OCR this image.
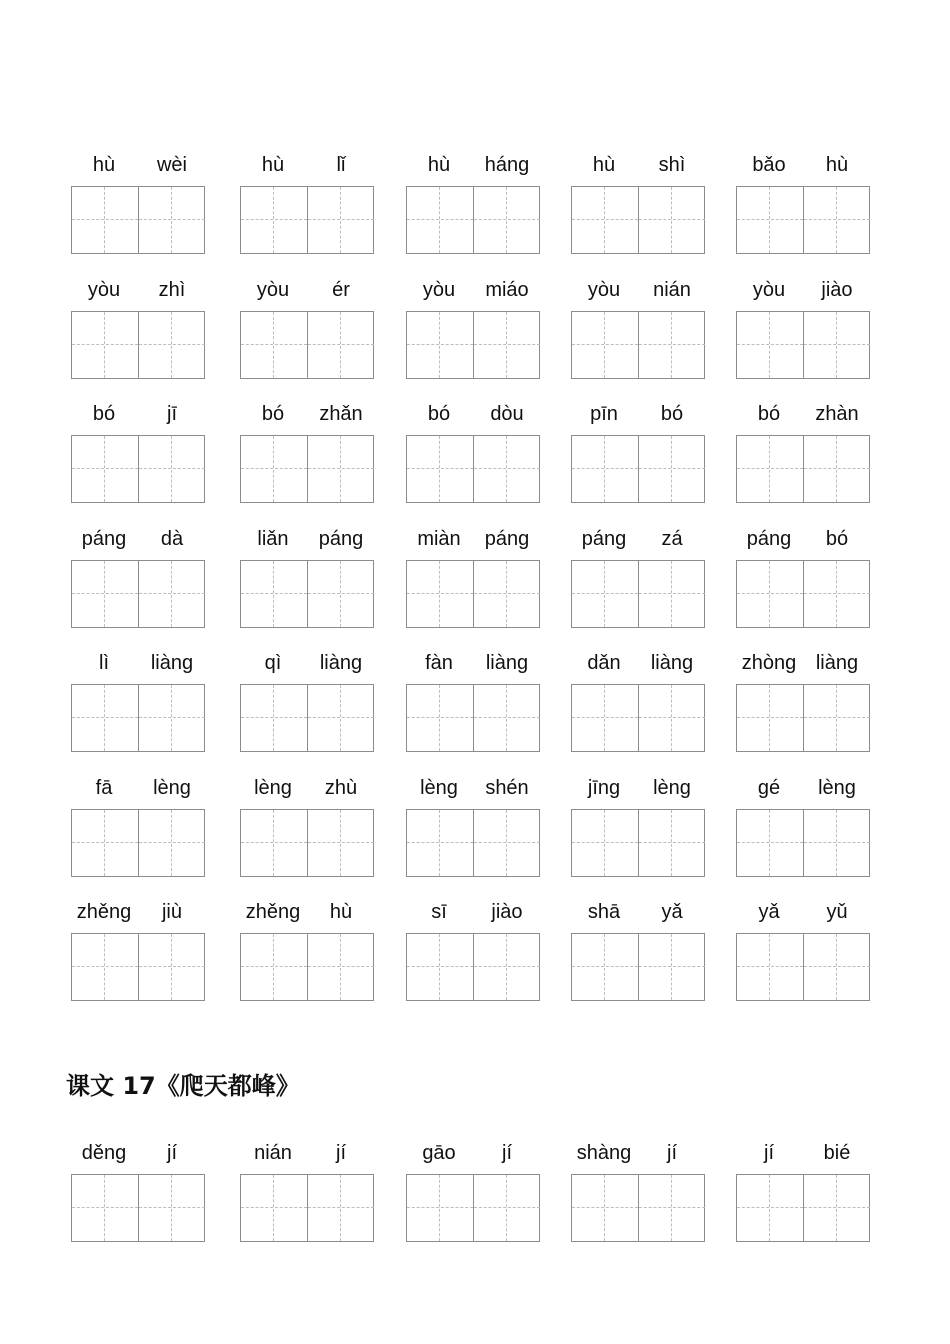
hù	wèi	hù	lǐ	hù	háng	hù	shì	bǎo	hù
yòu	zhì	yòu	ér	yòu	miáo	yòu	nián	yòu	jiào
bó	jī	bó	zhǎn	bó	dòu	pīn	bó	bó	zhàn
páng	dà	liǎn	páng	miàn	páng	páng	zá	páng	bó
lì	liàng	qì	liàng	fàn	liàng	dǎn	liàng	zhòng liàng
fā	lèng	lèng	zhù	lèng	shén	jīng	lèng	gé	lèng
zhěng	jiù	zhěng	hù	sī	jiào	shā	yǎ	yǎ	yǔ
děng	jí	nián	jí	gāo	jí	shàng	jí	jí	bié
课文 17《爬天都峰》
